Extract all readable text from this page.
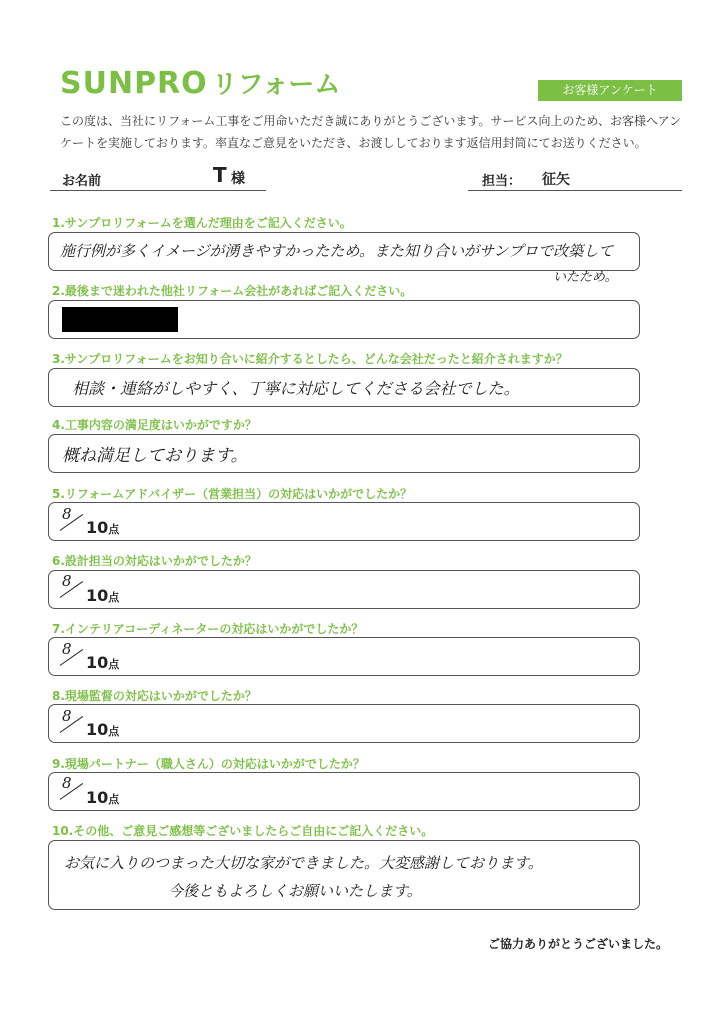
SUNPRO リフォーム	お客様アンケート
この度は、当社にリフォーム工事をご用命いただき誠にありがとうございます。サービス向上のため、お客様へアンケートを実施しております。率直なご意見をいただき、お渡ししております返信用封筒にてお送りください。
お名前	T 様	担当： 征矢
1.サンプロリフォームを選んだ理由をご記入ください。
施行例が多くイメージが湧きやすかったため。また知り合いがサンプロで改築して
いたため。
2.最後まで迷われた他社リフォーム会社があればご記入ください。
3.サンプロリフォームをお知り合いに紹介するとしたら、どんな会社だったと紹介されますか？
相談・連絡がしやすく、丁寧に対応してくださる会社でした。
4.工事内容の満足度はいかがですか？
概ね満足しております。
5.リフォームアドバイザー（営業担当）の対応はいかがでしたか？
8
10点
6.設計担当の対応はいかがでしたか？
8
10点
7.インテリアコーディネーターの対応はいかがでしたか？
8
10点
8.現場監督の対応はいかがでしたか？
8
10点
9.現場パートナー（職人さん）の対応はいかがでしたか？
8
10点
10.その他、ご意見ご感想等ございましたらご自由にご記入ください。
お気に入りのつまった大切な家ができました。大変感謝しております。
今後ともよろしくお願いいたします。
ご協力ありがとうございました。
